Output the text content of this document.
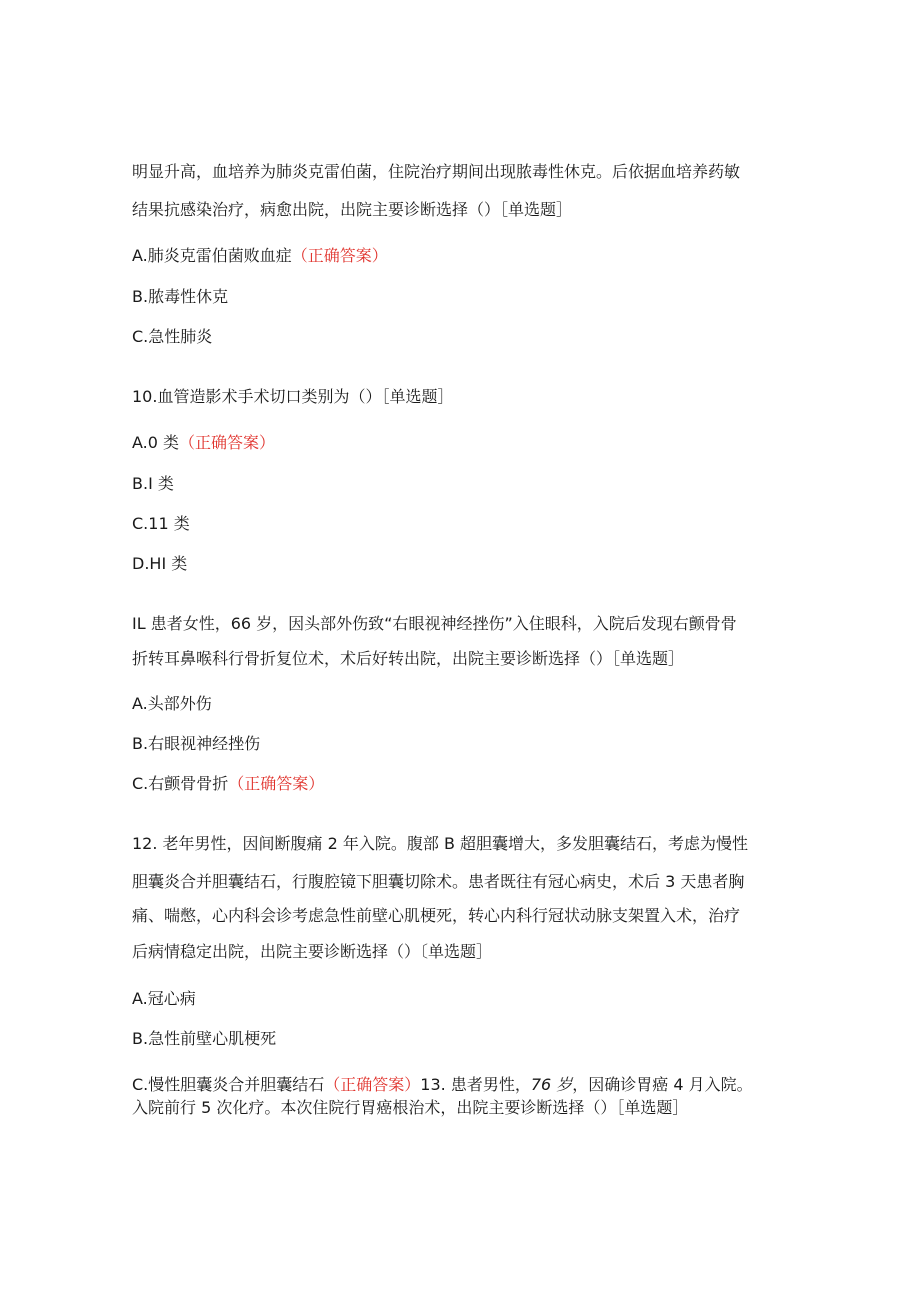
明显升高，血培养为肺炎克雷伯菌，住院治疗期间出现脓毒性休克。后依据血培养药敏
结果抗感染治疗，病愈出院，出院主要诊断选择（）［单选题］
A.肺炎克雷伯菌败血症（正确答案）
B.脓毒性休克
C.急性肺炎
10.血管造影术手术切口类别为（）［单选题］
A.0 类（正确答案）
B.I 类
C.11 类
D.HI 类
IL 患者女性，66 岁，因头部外伤致“右眼视神经挫伤”入住眼科，入院后发现右颤骨骨
折转耳鼻喉科行骨折复位术，术后好转出院，出院主要诊断选择（）［单选题］
A.头部外伤
B.右眼视神经挫伤
C.右颤骨骨折（正确答案）
12. 老年男性，因间断腹痛 2 年入院。腹部 B 超胆囊增大，多发胆囊结石，考虑为慢性
胆囊炎合并胆囊结石，行腹腔镜下胆囊切除术。患者既往有冠心病史，术后 3 天患者胸
痛、喘憋，心内科会诊考虑急性前壁心肌梗死，转心内科行冠状动脉支架置入术，治疗
后病情稳定出院，出院主要诊断选择（）〔单选题］
A.冠心病
B.急性前壁心肌梗死
C.慢性胆囊炎合并胆囊结石（正确答案）13. 患者男性，76 岁，因确诊胃癌 4 月入院。
入院前行 5 次化疗。本次住院行胃癌根治术，出院主要诊断选择（）［单选题］
